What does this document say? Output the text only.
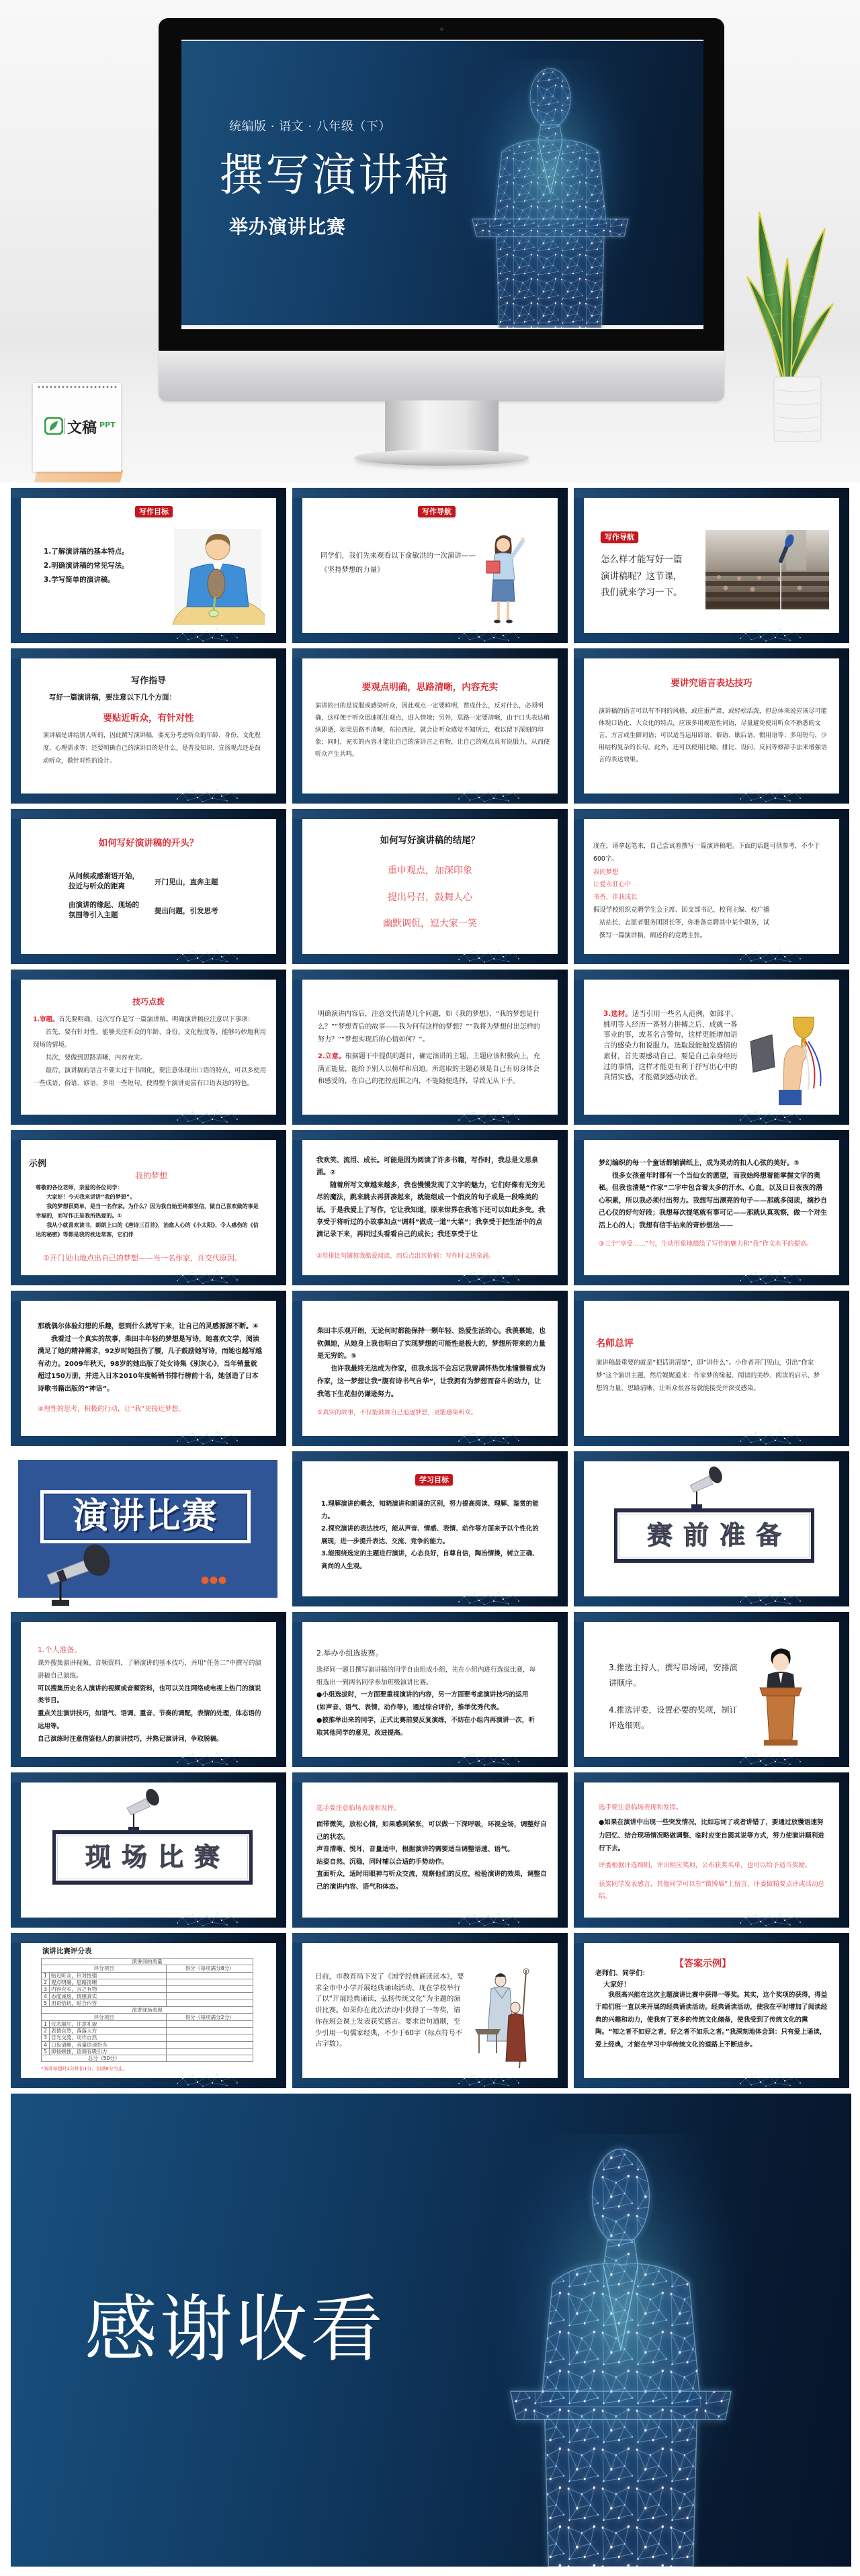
统编版 · 语文 · 八年级（下）
撰写演讲稿
举办演讲比赛
文稿 PPT
写作目标

1.了解演讲稿的基本特点。

2.明确演讲稿的常见写法。

3.学写简单的演讲稿。

写作导航

同学们，我们先来观看以下俞敏洪的一次演讲——《坚持梦想的力量》

写作导航

怎么样才能写好一篇演讲稿呢？这节课，我们就来学习一下。

写作指导
写好一篇演讲稿，要注意以下几个方面：
要贴近听众，有针对性

演讲稿是讲给别人听的，因此撰写演讲稿，要充分考虑听众的年龄、身份、文化程度、心理需求等；还要明确自己的演讲目的是什么，是普及知识、宣扬观点还是鼓动听众，做针对性的设计。

要观点明确，思路清晰，内容充实

演讲的目的是说服或感染听众，因此观点一定要鲜明，赞成什么，反对什么，必须明确，这样便于听众迅速抓住观点，进入情境；另外，思路一定要清晰，由于口头表达稍纵即逝，如果思路不清晰，东拉西扯，就会让听众感觉不知所云，难以留下深刻的印象；同时，充实的内容才能让自己的演讲言之有物，让自己的观点具有说服力，从而使听众产生共鸣。

要讲究语言表达技巧

演讲稿的语言可以有不同的风格，或庄重严肃，或轻松活泼，但总体来说应该尽可能体现口语化、大众化的特点，应该多用规范性词语，尽量避免使用听众不熟悉的文言、方言或生僻词语；可以适当运用谚语、俗语、歇后语、惯用语等；多用短句，少用结构复杂的长句。此外，还可以使用比喻、排比、设问、反问等修辞手法来增强语言的表达效果。

如何写好演讲稿的开头？

从问候或感谢语开始，拉近与听众的距离	开门见山，直奔主题

由演讲的缘起、现场的氛围等引入主题	提出问题，引发思考

如何写好演讲稿的结尾？
重申观点，加深印象
提出号召，鼓舞人心
幽默调侃，逗大家一笑

现在，请拿起笔来，自己尝试着撰写一篇演讲稿吧。下面的话题可供参考，不少于600字。

我的梦想

让爱永驻心中

书香，伴我成长

假设学校组织竞聘学生会主席、团支部书记、校刊主编、校广播站站长、志愿者服务团团长等，你准备竞聘其中某个职务，试撰写一篇演讲稿，阐述你的竞聘主张。

技巧点拨

1.审题。首先要明确，这次写作是写一篇演讲稿。明确演讲稿应注意以下事项：

首先，要有针对性，能够关注听众的年龄、身份、文化程度等，能够巧妙地利用现场的情境。

其次，要做到思路清晰，内容充实。

最后，演讲稿的语言不要太过于书面化，要注意体现出口语的特点，可以多使用一些成语、俗语、谚语，多用一些短句，使得整个演讲更富有口语表达的特色。

明确演讲内容后，注意交代清楚几个问题，如《我的梦想》，“我的梦想是什么？”“梦想背后的故事——我为何有这样的梦想？”“我将为梦想付出怎样的努力？”“梦想实现后的心情如何？”。

2.立意。根据题干中提供的题目，确定演讲的主题，主题应该积极向上，充满正能量，能给予别人以榜样和启迪。所选取的主题必须是自己有切身体会和感受的，在自己的把控范围之内，不能随便选择，导致无从下手。

3.选材。适当引用一些名人范例，如郎平、姚明等人经历一番努力拼搏之后，成就一番事业的事，或者名言警句，这样更能增加语言的感染力和说服力。选取最能触发感情的素材，首先要感动自己，要是自己亲身经历过的事情，这样才能更有利于抒写出心中的真情实感，才能做到感动读者。

示例
我的梦想

尊敬的各位老师，亲爱的各位同学：

大家好！今天我来讲讲“我的梦想”。

我的梦想很简单，是当一名作家。为什么？因为我自始至终都坚信，做自己喜欢做的事是幸福的，而写作正是我所热爱的。①

我从小就喜欢读书，朗朗上口的《唐诗三百首》，治愈人心的《小太阳》，令人感伤的《信达的秘密》等都是我的枕边常客，它们伴

①开门见山地点出自己的梦想——当一名作家，并交代原因。

我欢笑、流泪、成长。可能是因为阅读了许多书籍，写作时，我总是文思泉涌。②

随着所写文章越来越多，我也慢慢发现了文字的魅力，它们好像有无穷无尽的魔法，跳来跳去再拼凑起来，就能组成一个俏皮的句子或是一段唯美的话。于是我爱上了写作，它让我知道，原来世界在我笔下还可以如此多变。我享受于将听过的小故事加点“调料”做成一道“大菜”；我享受于把生活中的点滴记录下来，再回过头看看自己的成长；我还享受于让

②用排比句铺叙我酷爱阅读，而后点出其价值：写作时文思泉涌。

梦幻编织的每一个童话都铺满纸上，成为灵动的扣人心弦的美好。③

很多女孩童年时都有一个当仙女的愿望，而我始终想着能掌握文字的奥秘。但我也清楚“作家”二字中包含着太多的汗水、心血，以及日日夜夜的潜心积累，所以我必须付出努力。我想写出漂亮的句子——那就多阅读，摘抄自己心仪的好句好段；我想每次提笔就有事可记——那就认真观察，做一个对生活上心的人；我想有信手拈来的奇妙想法——

③三个“享受……”句，生动形象地描绘了写作的魅力和“我”作文水平的提高。

那就偶尔体验幻想的乐趣，想到什么就写下来，让自己的灵感源源不断。④

我看过一个真实的故事，柴田丰年轻的梦想是写诗，她喜欢文学，阅读满足了她的精神需求，92岁时她扭伤了腰，儿子鼓励她写诗，而她也越写越有动力。2009年秋天，98岁的她出版了处女诗集《别灰心》，当年销量就超过150万册，并进入日本2010年度畅销书排行榜前十名，她创造了日本诗歌书籍出版的“神话”。

④理性的思考，积极的行动，让“我”更接近梦想。

柴田丰乐观开朗，无论何时都能保持一颗年轻、热爱生活的心。我羡慕她，也钦佩她，从她身上我也明白了实现梦想的可能性是极大的，梦想所带来的力量是无穷的。⑤

也许我最终无法成为作家，但我永远不会忘记我曾满怀热忱地憧憬着成为作家，这一梦想让我“腹有诗书气自华”，让我拥有为梦想而奋斗的动力，让我笔下生花但仍谦逊努力。

⑤真实的故事，不仅能鼓舞自己追逐梦想，更能感染听众。
名师总评

演讲稿最重要的就是“把话讲清楚”，即“讲什么”。小作者开门见山，引出“作家梦”这个演讲主题，然后娓娓道来：作家梦的缘起、阅读的美妙、阅读的启示、梦想的力量，思路清晰，让听众很容易就能接受并深受感染。

演讲比赛
学习目标

1.理解演讲的概念，知晓演讲和朗诵的区别，努力提高阅读、理解、鉴赏的能力。

2.探究演讲的表达技巧，能从声音、情感、表情、动作等方面来予以个性化的展现，进一步提升表达、交流、竞争的能力。

3.能围绕选定的主题进行演讲，心态良好，自尊自信，陶冶情操，树立正确、高尚的人生观。

赛前准备
1.个人准备。

课外搜集演讲视频、音频资料，了解演讲的基本技巧，并用“任务二”中撰写的演讲稿自己演练。

可以搜集历史名人演讲的视频或音频资料，也可以关注网络或电视上热门的演说类节目。

重点关注演讲技巧，如语气、语调、重音、节奏的调配，表情的处理，体态语的运用等。

自己演练时注意借鉴他人的演讲技巧，并熟记演讲词，争取脱稿。

2.举办小组选拔赛。

选择同一题目撰写演讲稿的同学自由组成小组，先在小组内进行选拔比赛，每组选出一到两名同学参加班级演讲比赛。

●小组选拔时，一方面要重视演讲的内容，另一方面要考虑演讲技巧的运用(如声音、语气、表情、动作等)，通过综合评价，推举优秀代表。

●被推举出来的同学，正式比赛前要反复演练，不妨在小组内再演讲一次，听取其他同学的意见，改进提高。

3.推选主持人，撰写串场词，安排演讲顺序。

4.推选评委，设置必要的奖项，制订评选细则。

现场比赛
选手要注意临场表现和发挥。

面带微笑，放松心情，如果感到紧张，可以做一下深呼吸，环视全场，调整好自己的状态。

声音清晰、悦耳，音量适中，根据演讲的需要适当调整语速、语气。

站姿自然、沉稳，同时辅以合适的手势动作。

直面听众，适时用眼神与听众交流，观察他们的反应，检验演讲的效果，调整自己的演讲内容、语气和体态。

选手要注意临场表现和发挥。

●如果在演讲中出现一些突发情况，比如忘词了或者讲错了，要通过放慢语速努力回忆、结合现场情况略做调整、临时应变自圆其说等方式，努力使演讲顺利进行下去。

评委根据评选细则，评出相应奖项，公布获奖名单，也可以给予适当奖励。

获奖同学发表感言，其他同学可以在“微博墙”上留言，评委做精要点评或活动总结。

演讲比赛评分表
演讲词的质量		
评分项目		得分（每项满分8分）
1	贴近听众，针对性强	
2	观点明确，思路清晰	
3	内容充实，言之有物	
4	态度诚恳，情感真实	
5	用语恰切，贴合内容	
演讲现场表现		
评分项目		得分（每项满分2分）
1	仪态端庄，注意礼貌	
2	表情自然，落落大方	
3	目光交流，动作自然	
4	口齿清晰，音量语速恰当	
5	抑扬顿挫，语调有吸引力	
总分（50分）		
*演讲每超时1分钟扣1分，扣满8分为止。

日前，市教育局下发了《国学经典诵读读本》，要求全市中小学开展经典诵读活动。现在学校举行了以“开展经典诵读，弘扬传统文化”为主题的演讲比赛。如果你在此次活动中获得了一等奖，请你在班会课上发表获奖感言。要求语句通顺，至少引用一句儒家经典，不少于60字（标点符号不占字数）。

【答案示例】
老师们、同学们：
大家好！

我很高兴能在这次主题演讲比赛中获得一等奖。其实，这个奖项的获得，得益于咱们班一直以来开展的经典诵读活动。经典诵读活动，使我在平时增加了阅读经典的兴趣和动力，使我有了更多的传统文化储备，使我受到了传统文化的熏陶。“知之者不如好之者，好之者不如乐之者。”我深刻地体会到：只有爱上诵读，爱上经典，才能在学习中华传统文化的道路上不断进步。

感谢收看
